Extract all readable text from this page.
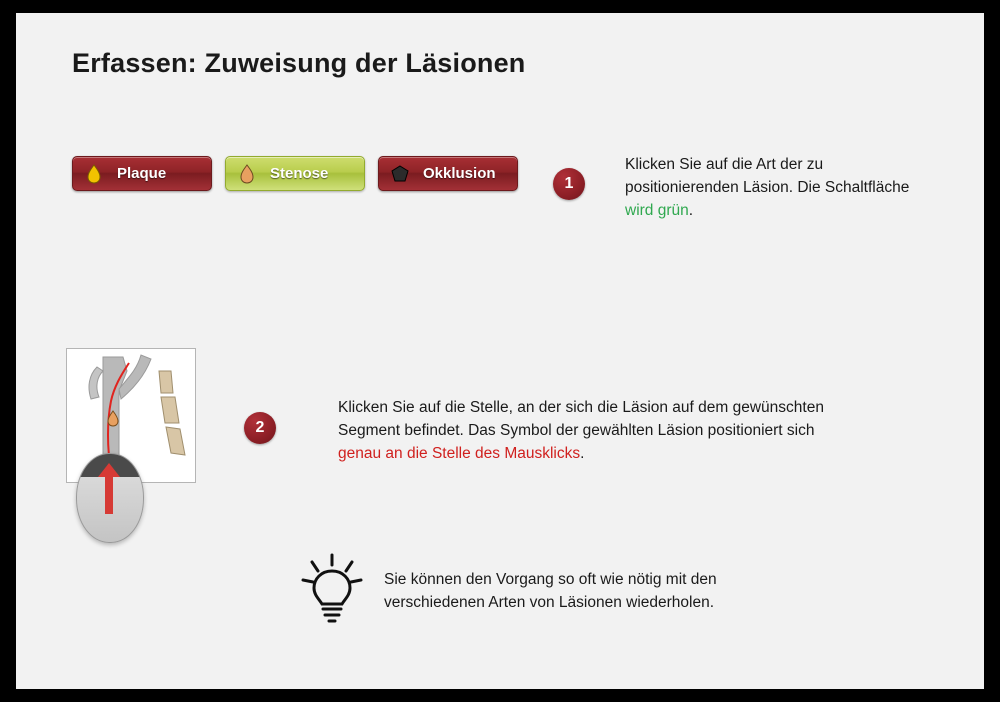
Erfassen: Zuweisung der Läsionen
Plaque	Stenose	Okklusion
1
Klicken Sie auf die Art der zu positionierenden Läsion. Die Schaltfläche wird grün.
2
Klicken Sie auf die Stelle, an der sich die Läsion auf dem gewünschten Segment befindet. Das Symbol der gewählten Läsion positioniert sich genau an die Stelle des Mausklicks.
Sie können den Vorgang so oft wie nötig mit den verschiedenen Arten von Läsionen wiederholen.
